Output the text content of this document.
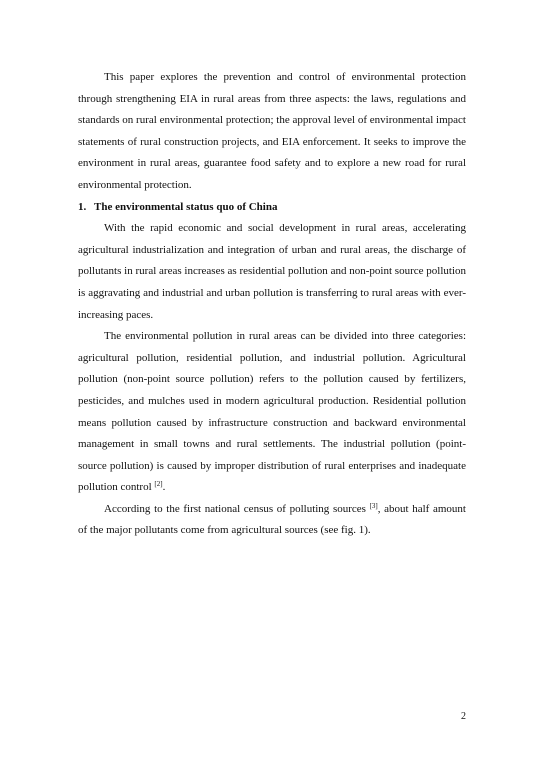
This paper explores the prevention and control of environmental protection through strengthening EIA in rural areas from three aspects: the laws, regulations and standards on rural environmental protection; the approval level of environmental impact statements of rural construction projects, and EIA enforcement. It seeks to improve the environment in rural areas, guarantee food safety and to explore a new road for rural environmental protection.

1. The environmental status quo of China

With the rapid economic and social development in rural areas, accelerating agricultural industrialization and integration of urban and rural areas, the discharge of pollutants in rural areas increases as residential pollution and non-point source pollution is aggravating and industrial and urban pollution is transferring to rural areas with ever-increasing paces.

The environmental pollution in rural areas can be divided into three categories: agricultural pollution, residential pollution, and industrial pollution. Agricultural pollution (non-point source pollution) refers to the pollution caused by fertilizers, pesticides, and mulches used in modern agricultural production. Residential pollution means pollution caused by infrastructure construction and backward environmental management in small towns and rural settlements. The industrial pollution (point-source pollution) is caused by improper distribution of rural enterprises and inadequate pollution control [2].

According to the first national census of polluting sources [3], about half amount of the major pollutants come from agricultural sources (see fig. 1).

2
